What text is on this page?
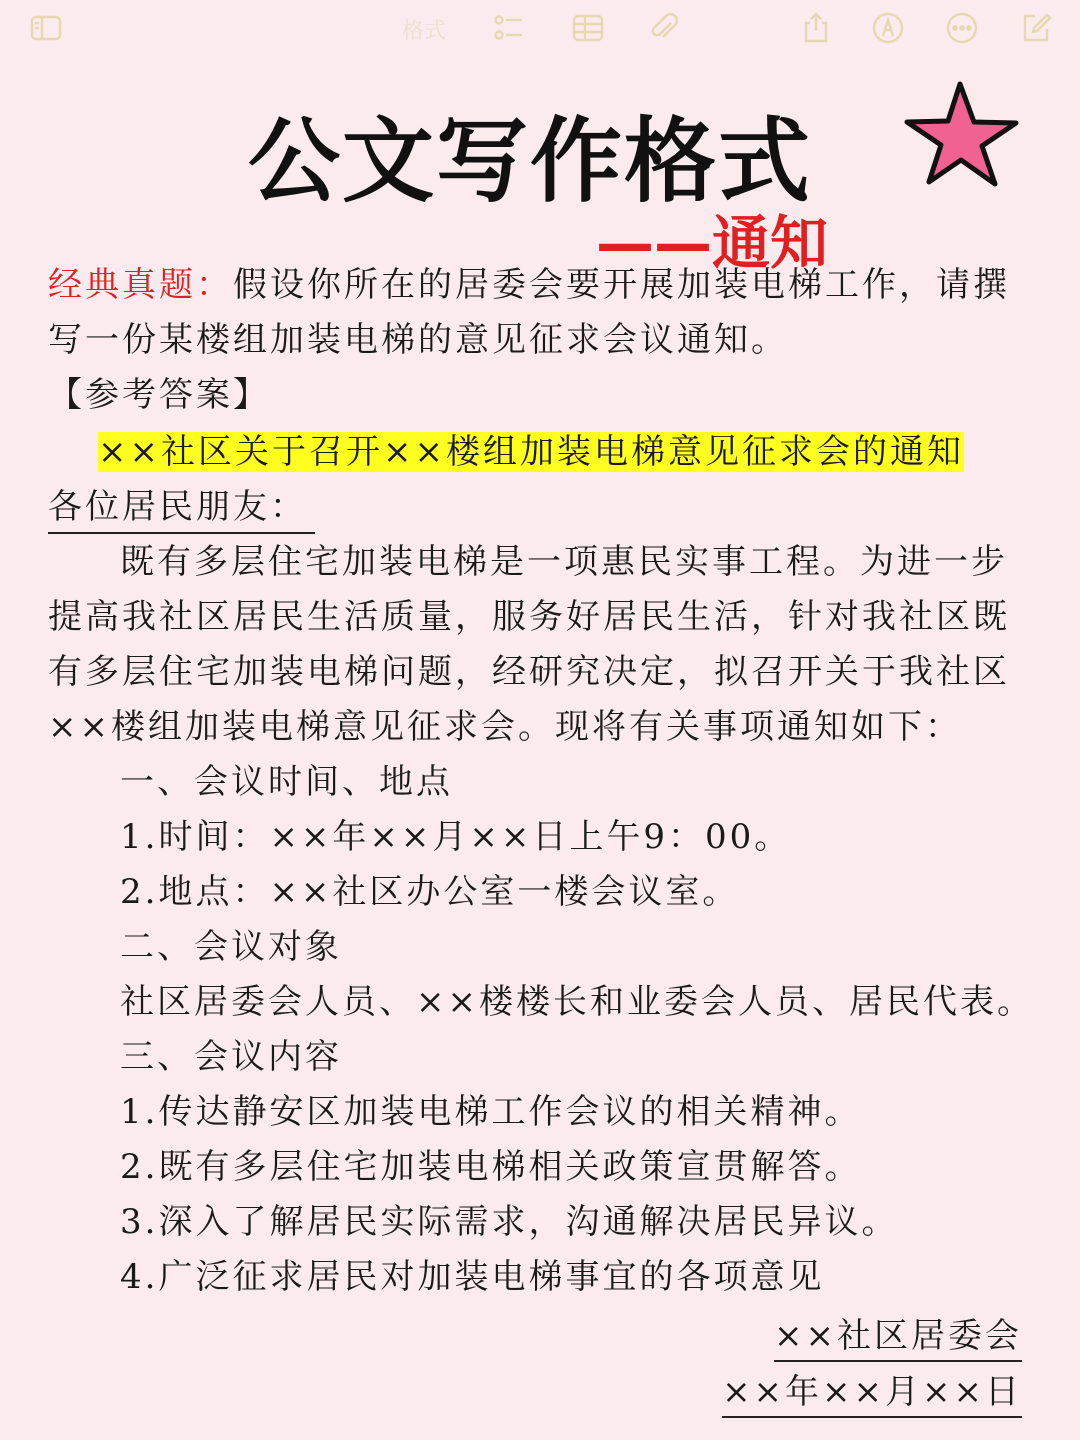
格式
公文写作格式
——通知

经典真题：假设你所在的居委会要开展加装电梯工作，请撰写一份某楼组加装电梯的意见征求会议通知。

【参考答案】

××社区关于召开××楼组加装电梯意见征求会的通知

各位居民朋友：

既有多层住宅加装电梯是一项惠民实事工程。为进一步提高我社区居民生活质量，服务好居民生活，针对我社区既有多层住宅加装电梯问题，经研究决定，拟召开关于我社区××楼组加装电梯意见征求会。现将有关事项通知如下：

一、会议时间、地点

1.时间：××年××月××日上午9：00。

2.地点：××社区办公室一楼会议室。

二、会议对象

社区居委会人员、××楼楼长和业委会人员、居民代表。

三、会议内容

1.传达静安区加装电梯工作会议的相关精神。

2.既有多层住宅加装电梯相关政策宣贯解答。

3.深入了解居民实际需求，沟通解决居民异议。

4.广泛征求居民对加装电梯事宜的各项意见

××社区居委会
××年××月××日
